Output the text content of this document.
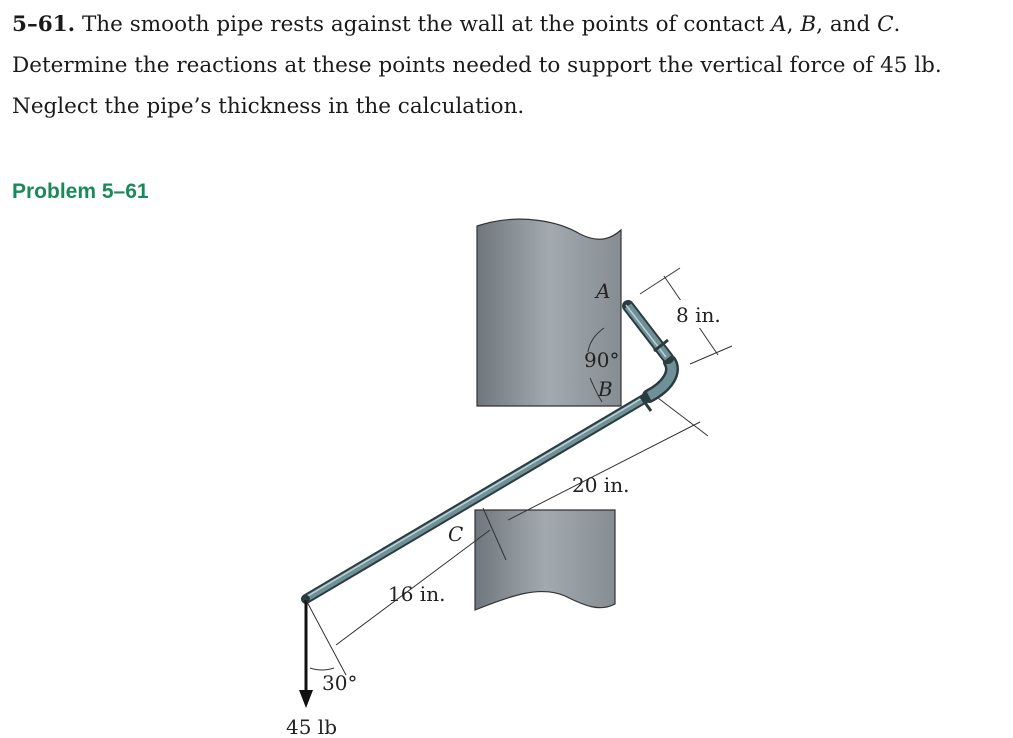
5–61. The smooth pipe rests against the wall at the points of contact A, B, and C. Determine the reactions at these points needed to support the vertical force of 45 lb. Neglect the pipe’s thickness in the calculation.
Problem 5–61
45 lb
30°
16 in.
20 in.
8 in.
A
90°
B
C
